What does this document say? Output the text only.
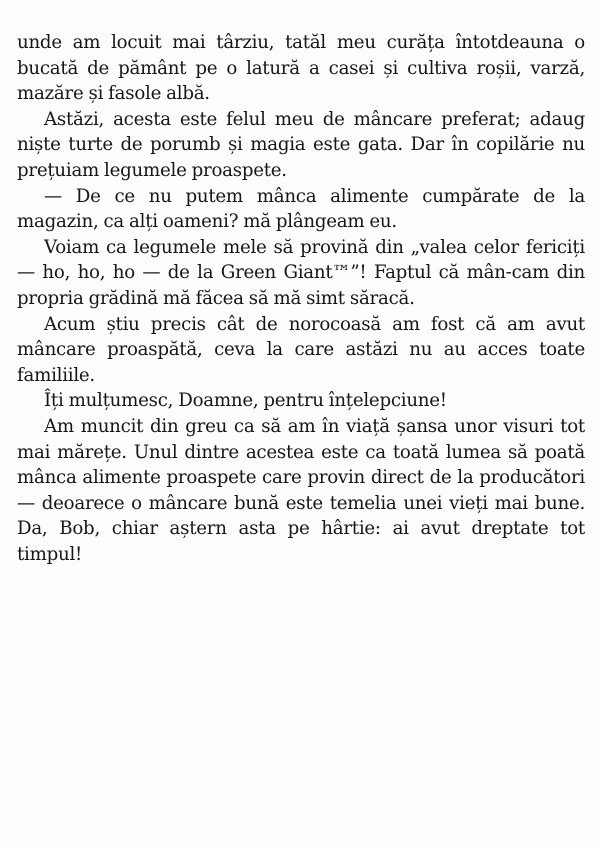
unde am locuit mai târziu, tatăl meu curăța întotdeauna o bucată de pământ pe o latură a casei și cultiva roșii, varză, mazăre și fasole albă.

Astăzi, acesta este felul meu de mâncare preferat; adaug niște turte de porumb și magia este gata. Dar în copilărie nu prețuiam legumele proaspete.

— De ce nu putem mânca alimente cumpărate de la magazin, ca alți oameni? mă plângeam eu.

Voiam ca legumele mele să provină din „valea celor fericiți — ho, ho, ho — de la Green Giant™”! Faptul că mân-cam din propria grădină mă făcea să mă simt săracă.

Acum știu precis cât de norocoasă am fost că am avut mâncare proaspătă, ceva la care astăzi nu au acces toate familiile.

Îți mulțumesc, Doamne, pentru înțelepciune!

Am muncit din greu ca să am în viață șansa unor visuri tot mai mărețe. Unul dintre acestea este ca toată lumea să poată mânca alimente proaspete care provin direct de la producători — deoarece o mâncare bună este temelia unei vieți mai bune. Da, Bob, chiar aștern asta pe hârtie: ai avut dreptate tot timpul!
